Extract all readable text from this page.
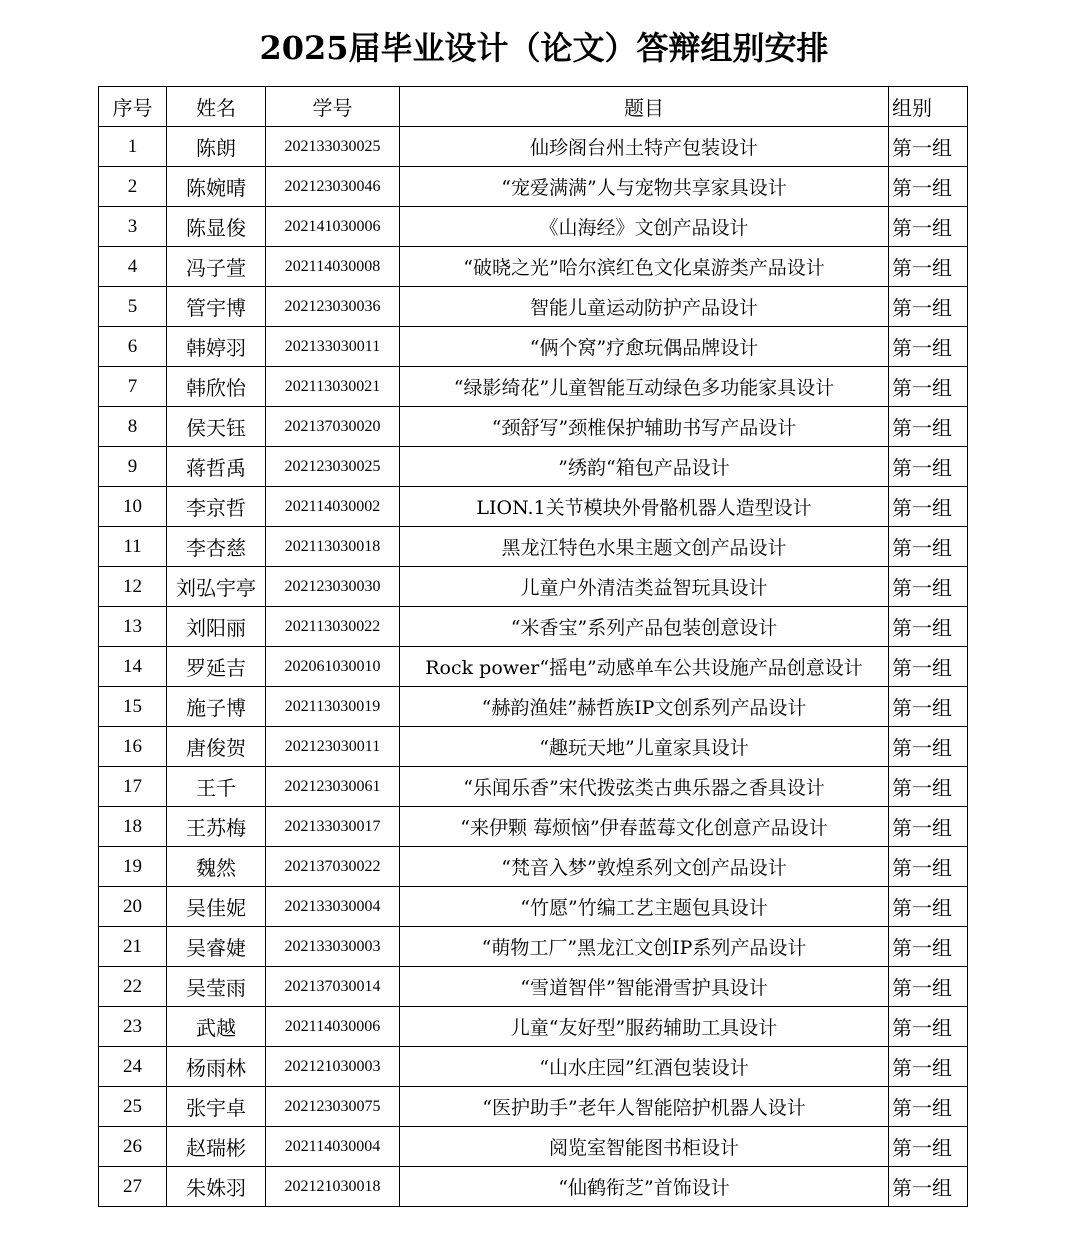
2025届毕业设计（论文）答辩组别安排
序号	姓名	学号	题目	组别
1	陈朗	202133030025	仙珍阁台州土特产包装设计	第一组
2	陈婉晴	202123030046	“宠爱满满”人与宠物共享家具设计	第一组
3	陈显俊	202141030006	《山海经》文创产品设计	第一组
4	冯子萱	202114030008	“破晓之光”哈尔滨红色文化桌游类产品设计	第一组
5	管宇博	202123030036	智能儿童运动防护产品设计	第一组
6	韩婷羽	202133030011	“俩个窝”疗愈玩偶品牌设计	第一组
7	韩欣怡	202113030021	“绿影绮花”儿童智能互动绿色多功能家具设计	第一组
8	侯天钰	202137030020	“颈舒写”颈椎保护辅助书写产品设计	第一组
9	蒋哲禹	202123030025	”绣韵“箱包产品设计	第一组
10	李京哲	202114030002	LION.1关节模块外骨骼机器人造型设计	第一组
11	李杏慈	202113030018	黑龙江特色水果主题文创产品设计	第一组
12	刘弘宇亭	202123030030	儿童户外清洁类益智玩具设计	第一组
13	刘阳丽	202113030022	“米香宝”系列产品包装创意设计	第一组
14	罗延吉	202061030010	Rock power“摇电”动感单车公共设施产品创意设计	第一组
15	施子博	202113030019	“赫韵渔娃”赫哲族IP文创系列产品设计	第一组
16	唐俊贺	202123030011	“趣玩天地”儿童家具设计	第一组
17	王千	202123030061	“乐闻乐香”宋代拨弦类古典乐器之香具设计	第一组
18	王苏梅	202133030017	“来伊颗 莓烦恼”伊春蓝莓文化创意产品设计	第一组
19	魏然	202137030022	“梵音入梦”敦煌系列文创产品设计	第一组
20	吴佳妮	202133030004	“竹愿”竹编工艺主题包具设计	第一组
21	吴睿婕	202133030003	“萌物工厂”黑龙江文创IP系列产品设计	第一组
22	吴莹雨	202137030014	“雪道智伴”智能滑雪护具设计	第一组
23	武越	202114030006	儿童“友好型”服药辅助工具设计	第一组
24	杨雨林	202121030003	“山水庄园”红酒包装设计	第一组
25	张宇卓	202123030075	“医护助手”老年人智能陪护机器人设计	第一组
26	赵瑞彬	202114030004	阅览室智能图书柜设计	第一组
27	朱姝羽	202121030018	“仙鹤衔芝”首饰设计	第一组
